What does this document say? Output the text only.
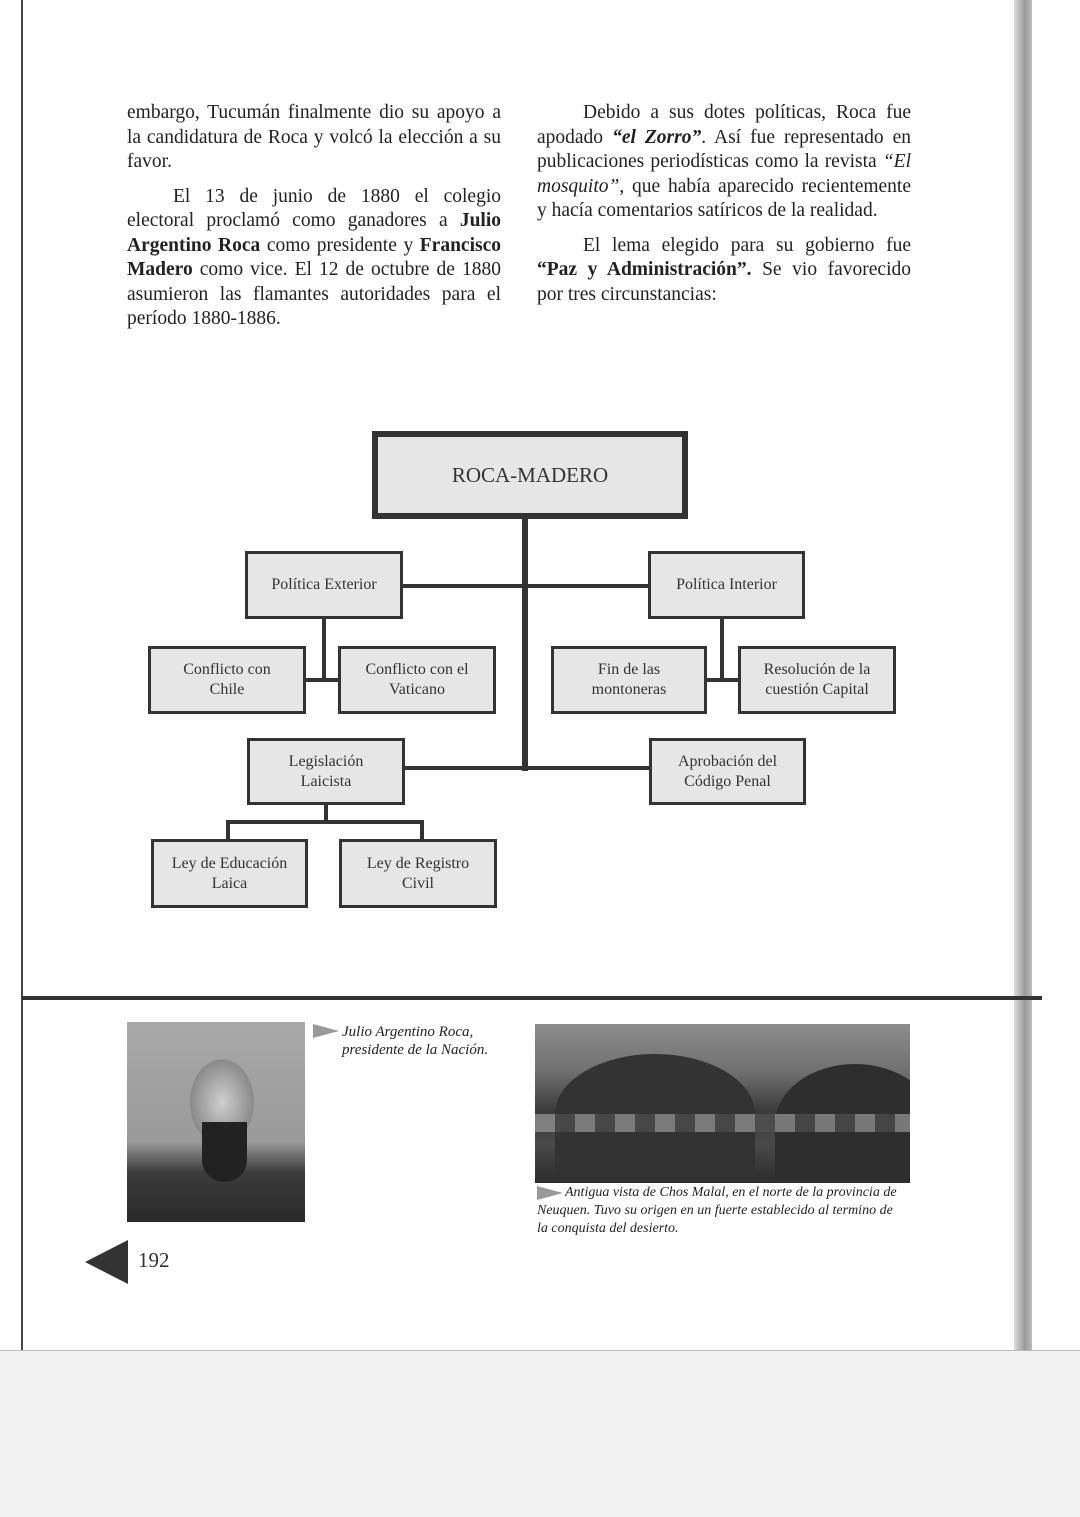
embargo, Tucumán finalmente dio su apoyo a la candidatura de Roca y volcó la elección a su favor.

El 13 de junio de 1880 el colegio electoral proclamó como ganadores a Julio Argentino Roca como presidente y Francisco Madero como vice. El 12 de octubre de 1880 asumieron las flamantes autoridades para el período 1880-1886.

Debido a sus dotes políticas, Roca fue apodado “el Zorro”. Así fue representado en publicaciones periodísticas como la revista “El mosquito”, que había aparecido recientemente y hacía comentarios satíricos de la realidad.

El lema elegido para su gobierno fue “Paz y Administración”. Se vio favorecido por tres circunstancias:

ROCA-MADERO
Política Exterior	Política Interior
Conflicto con Chile
Conflicto con el Vaticano
Fin de las montoneras
Resolución de la cuestión Capital
Legislación Laicista
Aprobación del Código Penal
Ley de Educación Laica
Ley de Registro Civil
Julio Argentino Roca, presidente de la Nación.
Antigua vista de Chos Malal, en el norte de la provincia de Neuquen. Tuvo su origen en un fuerte establecido al termino de la conquista del desierto.
192
